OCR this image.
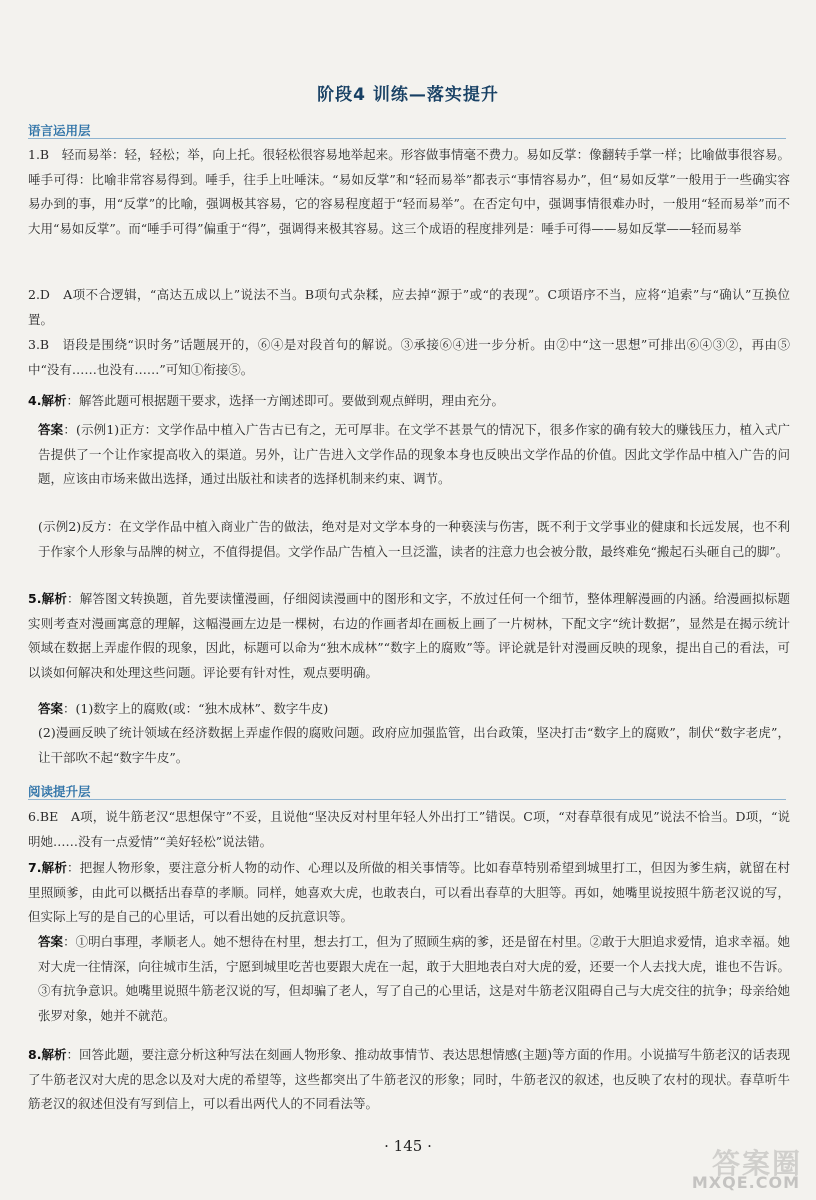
阶段4 训练—落实提升
语言运用层
1.B　轻而易举：轻，轻松；举，向上托。很轻松很容易地举起来。形容做事情毫不费力。易如反掌：像翻转手掌一样；比喻做事很容易。唾手可得：比喻非常容易得到。唾手，往手上吐唾沫。“易如反掌”和“轻而易举”都表示“事情容易办”，但“易如反掌”一般用于一些确实容易办到的事，用“反掌”的比喻，强调极其容易，它的容易程度超于“轻而易举”。在否定句中，强调事情很难办时，一般用“轻而易举”而不大用“易如反掌”。而“唾手可得”偏重于“得”，强调得来极其容易。这三个成语的程度排列是：唾手可得——易如反掌——轻而易举
2.D　A项不合逻辑，“高达五成以上”说法不当。B项句式杂糅，应去掉“源于”或“的表现”。C项语序不当，应将“追索”与“确认”互换位置。
3.B　语段是围绕“识时务”话题展开的，⑥④是对段首句的解说。③承接⑥④进一步分析。由②中“这一思想”可排出⑥④③②，再由⑤中“没有……也没有……”可知①衔接⑤。
4.解析：解答此题可根据题干要求，选择一方阐述即可。要做到观点鲜明，理由充分。
答案：(示例1)正方：文学作品中植入广告古已有之，无可厚非。在文学不甚景气的情况下，很多作家的确有较大的赚钱压力，植入式广告提供了一个让作家提高收入的渠道。另外，让广告进入文学作品的现象本身也反映出文学作品的价值。因此文学作品中植入广告的问题，应该由市场来做出选择，通过出版社和读者的选择机制来约束、调节。
(示例2)反方：在文学作品中植入商业广告的做法，绝对是对文学本身的一种亵渎与伤害，既不利于文学事业的健康和长远发展，也不利于作家个人形象与品牌的树立，不值得提倡。文学作品广告植入一旦泛滥，读者的注意力也会被分散，最终难免“搬起石头砸自己的脚”。
5.解析：解答图文转换题，首先要读懂漫画，仔细阅读漫画中的图形和文字，不放过任何一个细节，整体理解漫画的内涵。给漫画拟标题实则考查对漫画寓意的理解，这幅漫画左边是一棵树，右边的作画者却在画板上画了一片树林，下配文字“统计数据”，显然是在揭示统计领域在数据上弄虚作假的现象，因此，标题可以命为“独木成林”“数字上的腐败”等。评论就是针对漫画反映的现象，提出自己的看法，可以谈如何解决和处理这些问题。评论要有针对性，观点要明确。
答案：(1)数字上的腐败(或：“独木成林”、数字牛皮)
(2)漫画反映了统计领域在经济数据上弄虚作假的腐败问题。政府应加强监管，出台政策，坚决打击“数字上的腐败”，制伏“数字老虎”，让干部吹不起“数字牛皮”。
阅读提升层
6.BE　A项，说牛筋老汉“思想保守”不妥，且说他“坚决反对村里年轻人外出打工”错误。C项，“对春草很有成见”说法不恰当。D项，“说明她……没有一点爱情”“美好轻松”说法错。
7.解析：把握人物形象，要注意分析人物的动作、心理以及所做的相关事情等。比如春草特别希望到城里打工，但因为爹生病，就留在村里照顾爹，由此可以概括出春草的孝顺。同样，她喜欢大虎，也敢表白，可以看出春草的大胆等。再如，她嘴里说按照牛筋老汉说的写，但实际上写的是自己的心里话，可以看出她的反抗意识等。
答案：①明白事理，孝顺老人。她不想待在村里，想去打工，但为了照顾生病的爹，还是留在村里。②敢于大胆追求爱情，追求幸福。她对大虎一往情深，向往城市生活，宁愿到城里吃苦也要跟大虎在一起，敢于大胆地表白对大虎的爱，还要一个人去找大虎，谁也不告诉。③有抗争意识。她嘴里说照牛筋老汉说的写，但却骗了老人，写了自己的心里话，这是对牛筋老汉阻碍自己与大虎交往的抗争；母亲给她张罗对象，她并不就范。
8.解析：回答此题，要注意分析这种写法在刻画人物形象、推动故事情节、表达思想情感(主题)等方面的作用。小说描写牛筋老汉的话表现了牛筋老汉对大虎的思念以及对大虎的希望等，这些都突出了牛筋老汉的形象；同时，牛筋老汉的叙述，也反映了农村的现状。春草听牛筋老汉的叙述但没有写到信上，可以看出两代人的不同看法等。
· 145 ·
答案圈
MXQE.COM
